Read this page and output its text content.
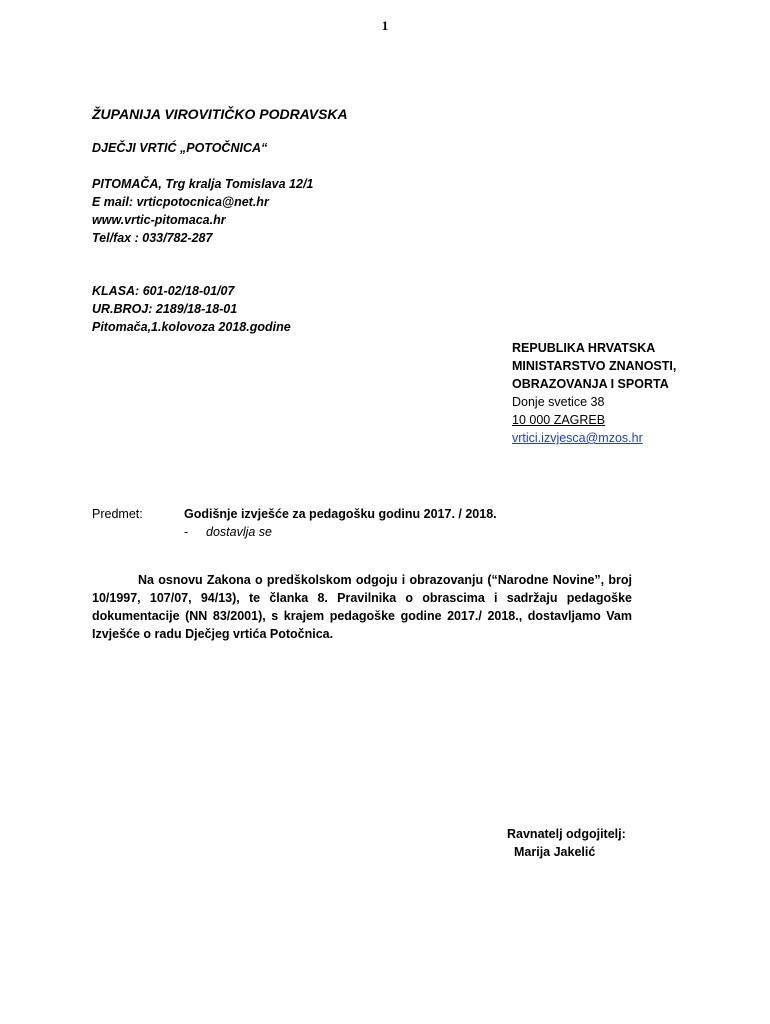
1
ŽUPANIJA VIROVITIČKO PODRAVSKA
DJEČJI VRTIĆ „POTOČNICA“
PITOMAČA, Trg kralja Tomislava 12/1
E mail: vrticpotocnica@net.hr
www.vrtic-pitomaca.hr
Tel/fax : 033/782-287
KLASA: 601-02/18-01/07
UR.BROJ: 2189/18-18-01
Pitomača,1.kolovoza 2018.godine
REPUBLIKA HRVATSKA
MINISTARSTVO ZNANOSTI,
OBRAZOVANJA I SPORTA
Donje svetice 38
10 000 ZAGREB
vrtici.izvjesca@mzos.hr
Predmet:	Godišnje izvješće za pedagošku godinu 2017. / 2018.
- dostavlja se

Na osnovu Zakona o predškolskom odgoju i obrazovanju (“Narodne Novine”, broj 10/1997, 107/07, 94/13), te članka 8. Pravilnika o obrascima i sadržaju pedagoške dokumentacije (NN 83/2001), s krajem pedagoške godine 2017./ 2018., dostavljamo Vam Izvješće o radu Dječjeg vrtića Potočnica.

Ravnatelj odgojitelj:
Marija Jakelić
